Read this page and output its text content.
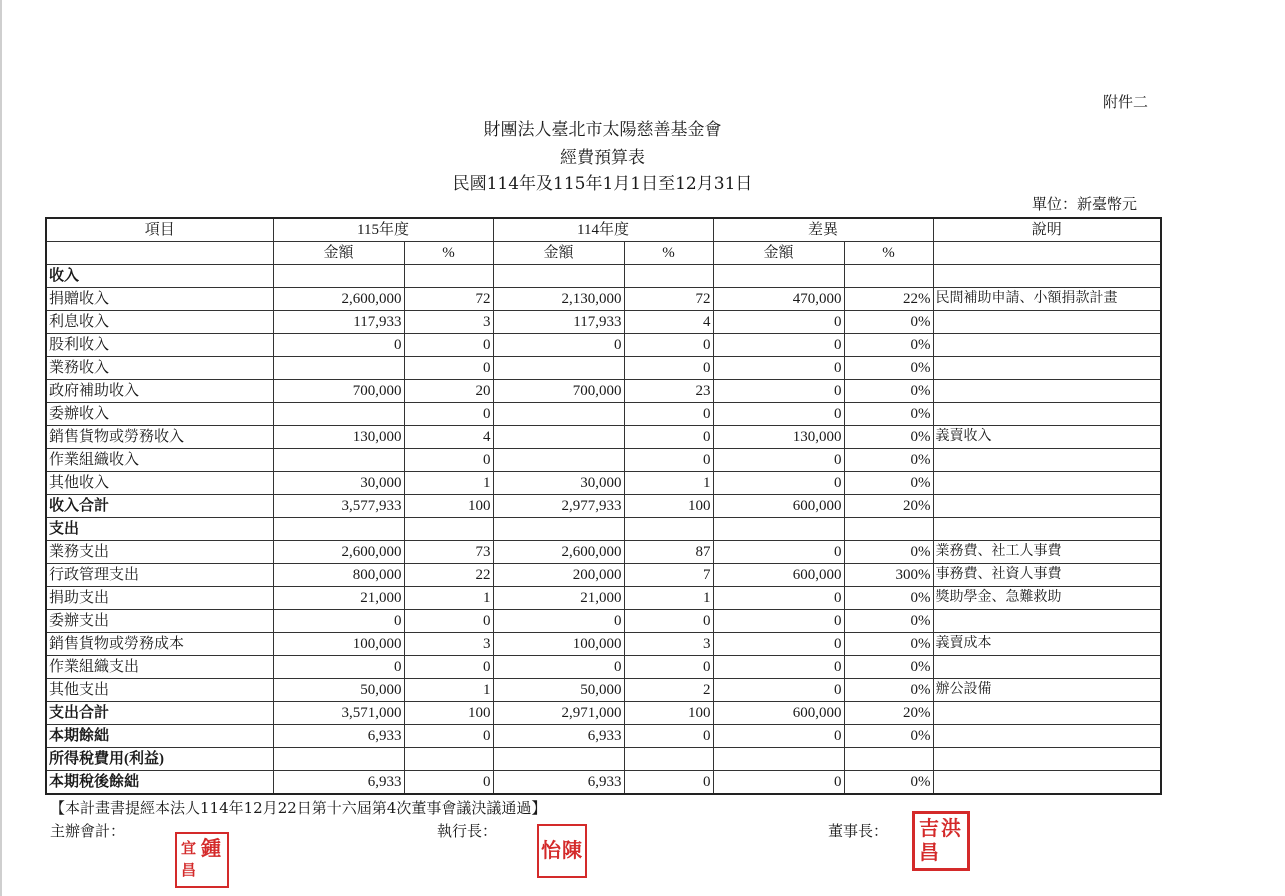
附件二
財團法人臺北市太陽慈善基金會
經費預算表
民國114年及115年1月1日至12月31日
單位：新臺幣元
項目	115年度		114年度		差異		說明
	金額	%	金額	%	金額	%	
收入							
捐贈收入	2,600,000	72	2,130,000	72	470,000	22%	民間補助申請、小額捐款計畫
利息收入	117,933	3	117,933	4	0	0%	
股利收入	0	0	0	0	0	0%	
業務收入		0		0	0	0%	
政府補助收入	700,000	20	700,000	23	0	0%	
委辦收入		0		0	0	0%	
銷售貨物或勞務收入	130,000	4		0	130,000	0%	義賣收入
作業組織收入		0		0	0	0%	
其他收入	30,000	1	30,000	1	0	0%	
收入合計	3,577,933	100	2,977,933	100	600,000	20%	
支出							
業務支出	2,600,000	73	2,600,000	87	0	0%	業務費、社工人事費
行政管理支出	800,000	22	200,000	7	600,000	300%	事務費、社資人事費
捐助支出	21,000	1	21,000	1	0	0%	獎助學金、急難救助
委辦支出	0	0	0	0	0	0%	
銷售貨物或勞務成本	100,000	3	100,000	3	0	0%	義賣成本
作業組織支出	0	0	0	0	0	0%	
其他支出	50,000	1	50,000	2	0	0%	辦公設備
支出合計	3,571,000	100	2,971,000	100	600,000	20%	
本期餘絀	6,933	0	6,933	0	0	0%	
所得稅費用(利益)							
本期稅後餘絀	6,933	0	6,933	0	0	0%	
【本計畫書提經本法人114年12月22日第十六屆第4次董事會議決議通過】
主辦會計：	執行長：	董事長：
鍾
宜
昌
陳
怡
洪
吉
昌
